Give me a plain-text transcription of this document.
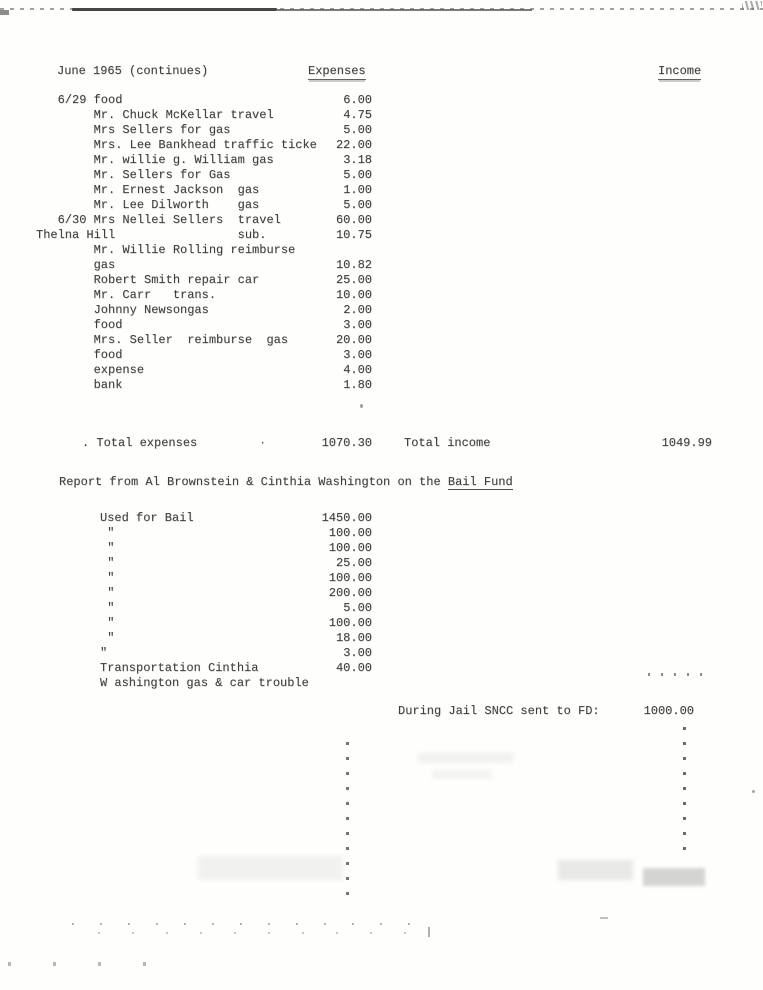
June 1965 (continues)	Expenses	Income
6/29 food	6.00
Mr. Chuck McKellar travel	4.75
Mrs Sellers for gas	5.00
Mrs. Lee Bankhead traffic ticke 22.00
Mr. willie g. William gas	3.18
Mr. Sellers for Gas	5.00
Mr. Ernest Jackson  gas	1.00
Mr. Lee Dilworth    gas	5.00
6/30 Mrs Nellei Sellers  travel	60.00
Thelna Hill                 sub.	10.75
Mr. Willie Rolling reimburse
gas	10.82
Robert Smith repair car	25.00
Mr. Carr   trans.	10.00
Johnny Newsongas	2.00
food	3.00
Mrs. Seller  reimburse  gas	20.00
food	3.00
expense	4.00
bank	1.80
. Total expenses	·	1070.30	Total income	1049.99
Report from Al Brownstein & Cinthia Washington on the Bail Fund
Used for Bail	1450.00
"	100.00
"	100.00
"	25.00
"	100.00
"	200.00
"	5.00
"	100.00
"	18.00
"	3.00
Transportation Cinthia	40.00
W ashington gas & car trouble
During Jail SNCC sent to FD:	1000.00
